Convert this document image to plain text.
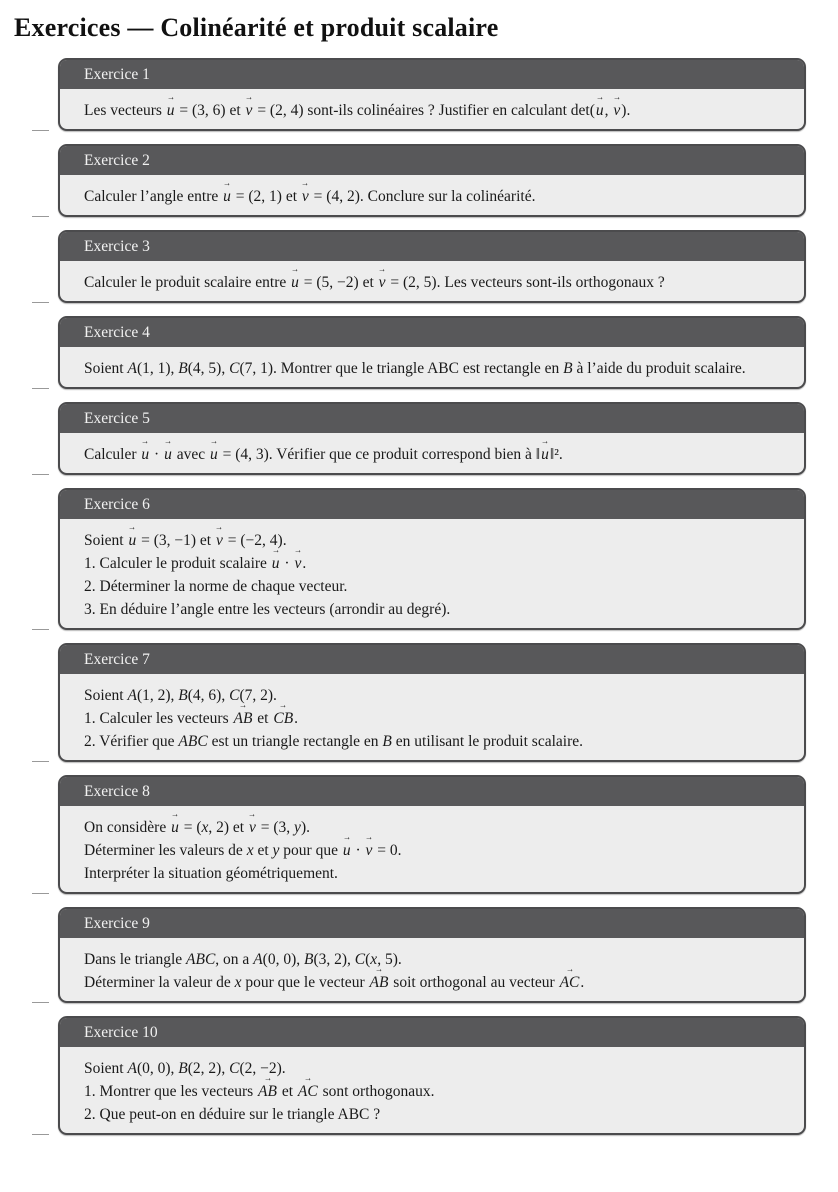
Exercices — Colinéarité et produit scalaire
Exercice 1
Les vecteurs u → = (3, 6) et v → = (2, 4) sont-ils colinéaires ? Justifier en calculant det(u →, v →).
Exercice 2
Calculer l’angle entre u → = (2, 1) et v → = (4, 2). Conclure sur la colinéarité.
Exercice 3
Calculer le produit scalaire entre u → = (5, −2) et v → = (2, 5). Les vecteurs sont-ils orthogonaux ?
Exercice 4
Soient A(1, 1), B(4, 5), C(7, 1). Montrer que le triangle ABC est rectangle en B à l’aide du produit scalaire.
Exercice 5
Calculer u → · u → avec u → = (4, 3). Vérifier que ce produit correspond bien à ‖u →‖².
Exercice 6
Soient u → = (3, −1) et v → = (−2, 4).
1. Calculer le produit scalaire u → · v →.
2. Déterminer la norme de chaque vecteur.
3. En déduire l’angle entre les vecteurs (arrondir au degré).
Exercice 7
Soient A(1, 2), B(4, 6), C(7, 2).
1. Calculer les vecteurs AB → et CB →.
2. Vérifier que ABC est un triangle rectangle en B en utilisant le produit scalaire.
Exercice 8
On considère u → = (x, 2) et v → = (3, y).
Déterminer les valeurs de x et y pour que u → · v → = 0.
Interpréter la situation géométriquement.
Exercice 9
Dans le triangle ABC, on a A(0, 0), B(3, 2), C(x, 5).
Déterminer la valeur de x pour que le vecteur AB → soit orthogonal au vecteur AC →.
Exercice 10
Soient A(0, 0), B(2, 2), C(2, −2).
1. Montrer que les vecteurs AB → et AC → sont orthogonaux.
2. Que peut-on en déduire sur le triangle ABC ?
